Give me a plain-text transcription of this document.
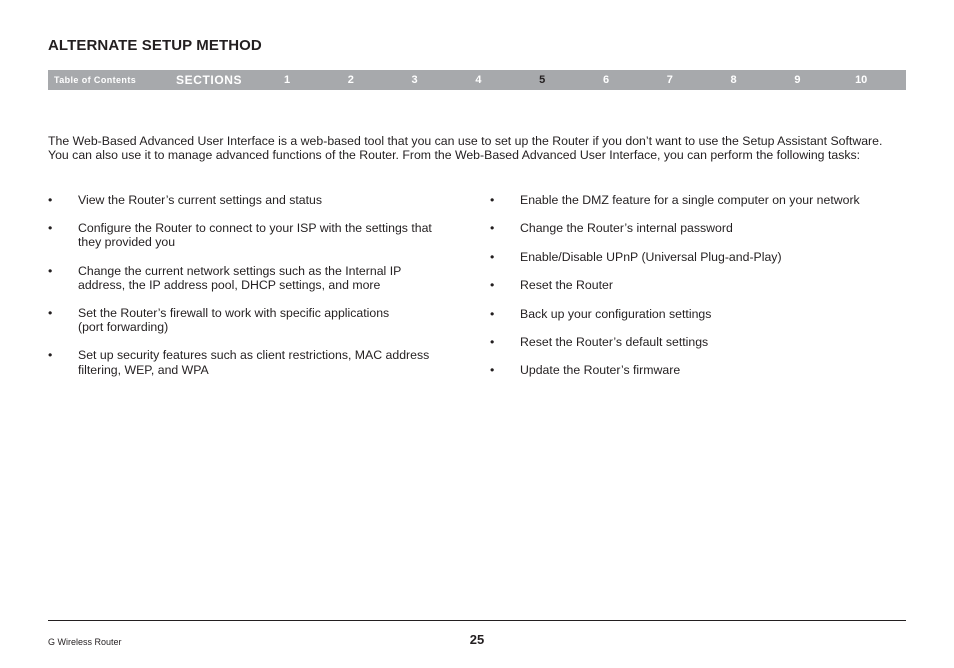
ALTERNATE SETUP METHOD
Table of Contents	SECTIONS	1	2	3	4	5	6	7	8	9	10

The Web-Based Advanced User Interface is a web-based tool that you can use to set up the Router if you don’t want to use the Setup Assistant Software. You can also use it to manage advanced functions of the Router. From the Web-Based Advanced User Interface, you can perform the following tasks:

• View the Router’s current settings and status
• Configure the Router to connect to your ISP with the settings that
they provided you
• Change the current network settings such as the Internal IP
address, the IP address pool, DHCP settings, and more
• Set the Router’s firewall to work with specific applications
(port forwarding)
• Set up security features such as client restrictions, MAC address
filtering, WEP, and WPA
• Enable the DMZ feature for a single computer on your network
• Change the Router’s internal password
• Enable/Disable UPnP (Universal Plug-and-Play)
• Reset the Router
• Back up your configuration settings
• Reset the Router’s default settings
• Update the Router’s firmware
G Wireless Router	25
